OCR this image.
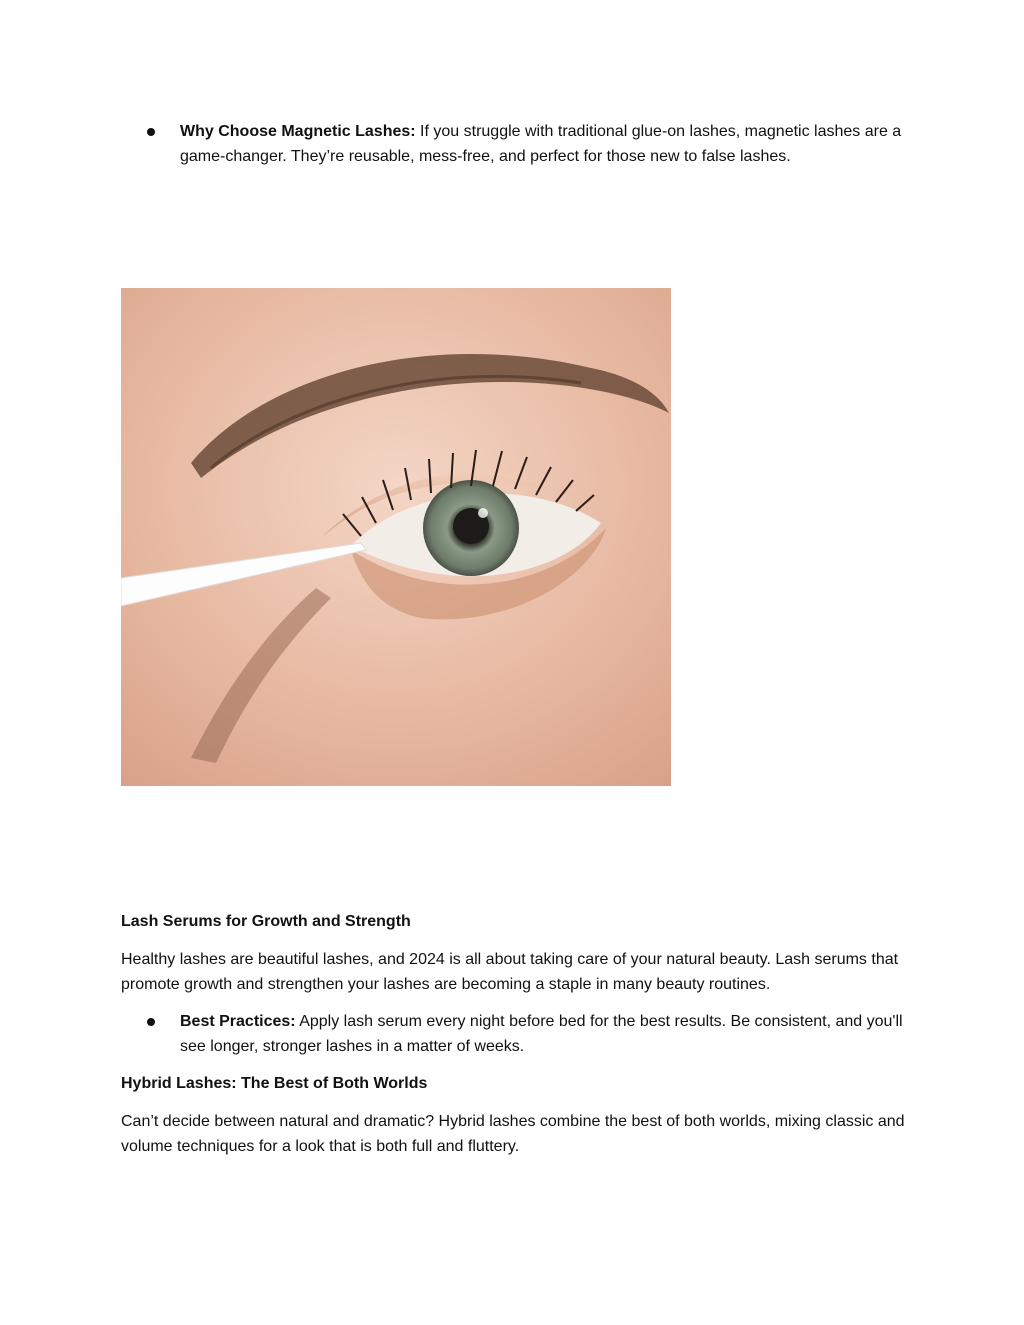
Why Choose Magnetic Lashes: If you struggle with traditional glue-on lashes, magnetic lashes are a game-changer. They’re reusable, mess-free, and perfect for those new to false lashes.
Lash Serums for Growth and Strength
Healthy lashes are beautiful lashes, and 2024 is all about taking care of your natural beauty. Lash serums that promote growth and strengthen your lashes are becoming a staple in many beauty routines.
Best Practices: Apply lash serum every night before bed for the best results. Be consistent, and you'll see longer, stronger lashes in a matter of weeks.
Hybrid Lashes: The Best of Both Worlds
Can’t decide between natural and dramatic? Hybrid lashes combine the best of both worlds, mixing classic and volume techniques for a look that is both full and fluttery.
